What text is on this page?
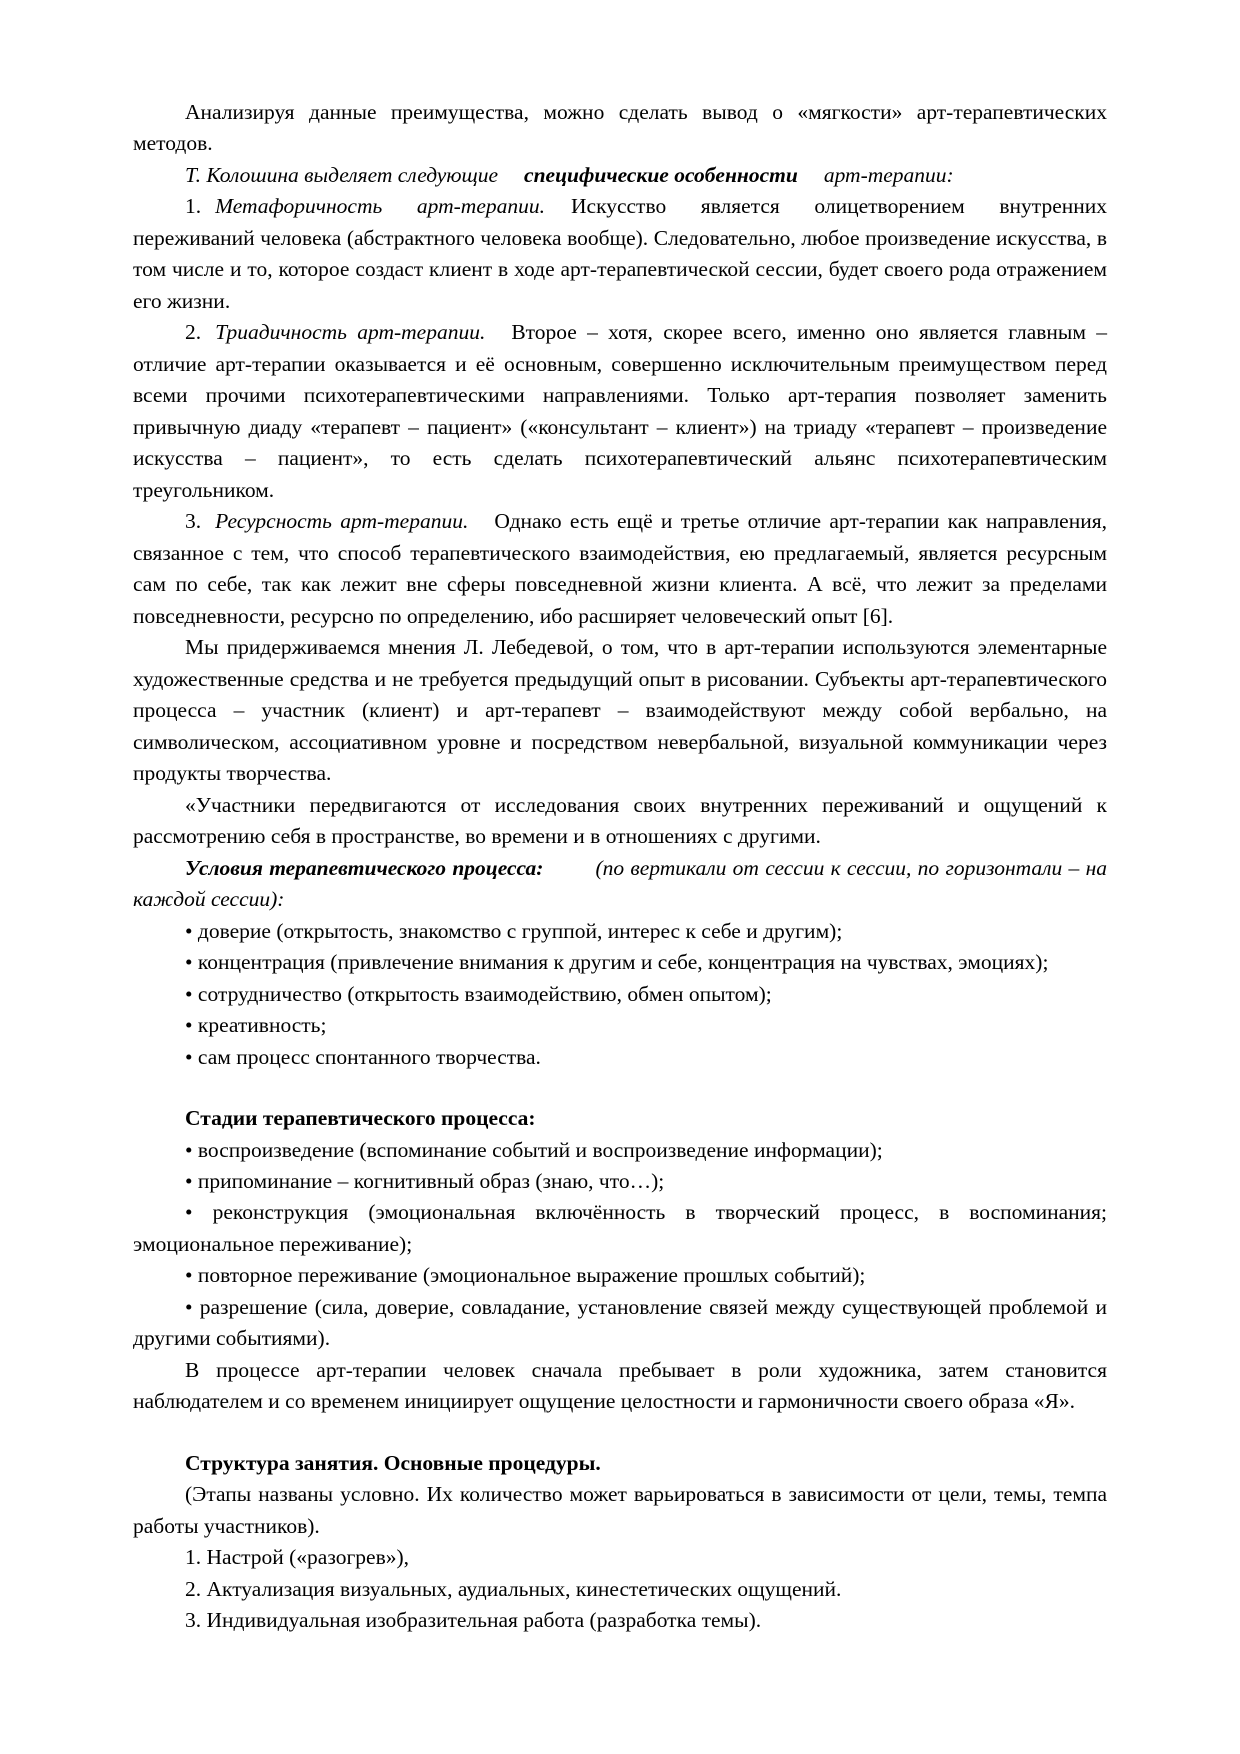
Анализируя данные преимущества, можно сделать вывод о «мягкости» арт-терапевтических методов.

Т. Колошина выделяет следующие специфические особенности арт-терапии:

1. Метафоричность арт-терапии. Искусство является олицетворением внутренних переживаний человека (абстрактного человека вообще). Следовательно, любое произведение искусства, в том числе и то, которое создаст клиент в ходе арт-терапевтической сессии, будет своего рода отражением его жизни.

2. Триадичность арт-терапии. Второе – хотя, скорее всего, именно оно является главным – отличие арт-терапии оказывается и её основным, совершенно исключительным преимуществом перед всеми прочими психотерапевтическими направлениями. Только арт-терапия позволяет заменить привычную диаду «терапевт – пациент» («консультант – клиент») на триаду «терапевт – произведение искусства – пациент», то есть сделать психотерапевтический альянс психотерапевтическим треугольником.

3. Ресурсность арт-терапии. Однако есть ещё и третье отличие арт-терапии как направления, связанное с тем, что способ терапевтического взаимодействия, ею предлагаемый, является ресурсным сам по себе, так как лежит вне сферы повседневной жизни клиента. А всё, что лежит за пределами повседневности, ресурсно по определению, ибо расширяет человеческий опыт [6].

Мы придерживаемся мнения Л. Лебедевой, о том, что в арт-терапии используются элементарные художественные средства и не требуется предыдущий опыт в рисовании. Субъекты арт-терапевтического процесса – участник (клиент) и арт-терапевт – взаимодействуют между собой вербально, на символическом, ассоциативном уровне и посредством невербальной, визуальной коммуникации через продукты творчества.

«Участники передвигаются от исследования своих внутренних переживаний и ощущений к рассмотрению себя в пространстве, во времени и в отношениях с другими.

Условия терапевтического процесса: (по вертикали от сессии к сессии, по горизонтали – на каждой сессии):

• доверие (открытость, знакомство с группой, интерес к себе и другим);

• концентрация (привлечение внимания к другим и себе, концентрация на чувствах, эмоциях);

• сотрудничество (открытость взаимодействию, обмен опытом);

• креативность;

• сам процесс спонтанного творчества.

Стадии терапевтического процесса:

• воспроизведение (вспоминание событий и воспроизведение информации);

• припоминание – когнитивный образ (знаю, что…);

• реконструкция (эмоциональная включённость в творческий процесс, в воспоминания; эмоциональное переживание);

• повторное переживание (эмоциональное выражение прошлых событий);

• разрешение (сила, доверие, совладание, установление связей между существующей проблемой и другими событиями).

В процессе арт-терапии человек сначала пребывает в роли художника, затем становится наблюдателем и со временем инициирует ощущение целостности и гармоничности своего образа «Я».

Структура занятия. Основные процедуры.

(Этапы названы условно. Их количество может варьироваться в зависимости от цели, темы, темпа работы участников).

1. Настрой («разогрев»),

2. Актуализация визуальных, аудиальных, кинестетических ощущений.

3. Индивидуальная изобразительная работа (разработка темы).
